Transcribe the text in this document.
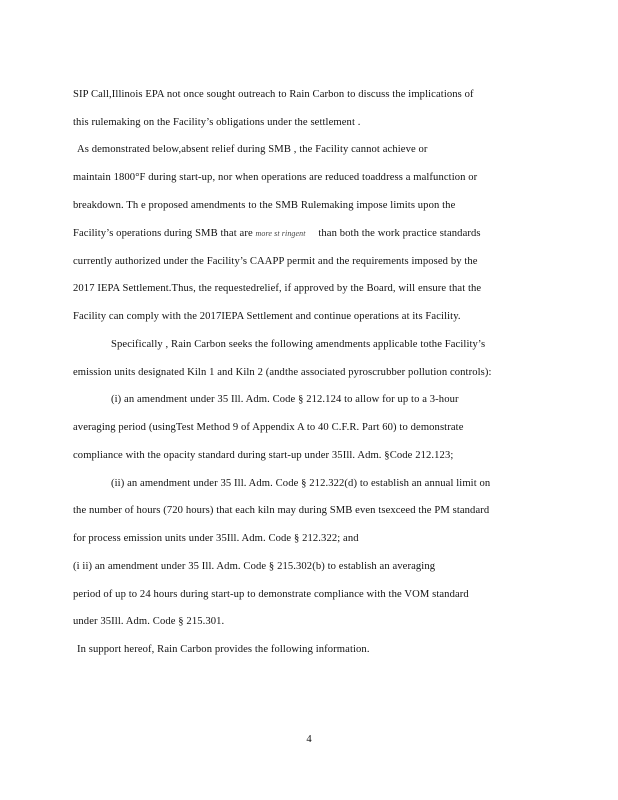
SIP Call,Illinois EPA not once sought outreach to Rain Carbon to discuss the implications of
this rulemaking on the Facility’s obligations under the settlement .
As demonstrated below,absent relief during SMB , the Facility cannot achieve or
maintain 1800°F during start-up, nor when operations are reduced toaddress a malfunction or
breakdown. Th e proposed amendments to the SMB Rulemaking impose limits upon the
Facility’s operations during SMB that are more st ringent than both the work practice standards
currently authorized under the Facility’s CAAPP permit and the requirements imposed by the
2017 IEPA Settlement.Thus, the requestedrelief, if approved by the Board, will ensure that the
Facility can comply with the 2017IEPA Settlement and continue operations at its Facility.
Specifically , Rain Carbon seeks the following amendments applicable tothe Facility’s
emission units designated Kiln 1 and Kiln 2 (andthe associated pyroscrubber pollution controls):
(i) an amendment under 35 Ill. Adm. Code § 212.124 to allow for up to a 3-hour
averaging period (usingTest Method 9 of Appendix A to 40 C.F.R. Part 60) to demonstrate
compliance with the opacity standard during start-up under 35Ill. Adm. §Code 212.123;
(ii) an amendment under 35 Ill. Adm. Code § 212.322(d) to establish an annual limit on
the number of hours (720 hours) that each kiln may during SMB even tsexceed the PM standard
for process emission units under 35Ill. Adm. Code § 212.322; and
(i ii) an amendment under 35 Ill. Adm. Code § 215.302(b) to establish an averaging
period of up to 24 hours during start-up to demonstrate compliance with the VOM standard
under 35Ill. Adm. Code § 215.301.
In support hereof, Rain Carbon provides the following information.
4
